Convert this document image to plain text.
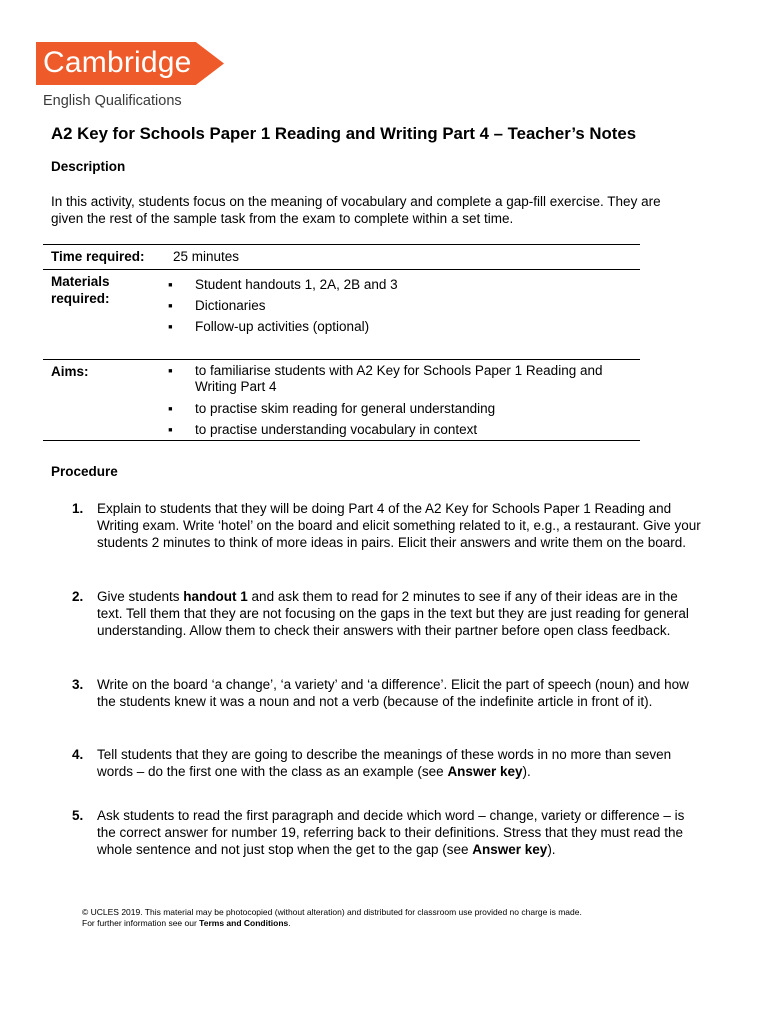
Cambridge
English Qualifications
A2 Key for Schools Paper 1 Reading and Writing Part 4 – Teacher’s Notes
Description
In this activity, students focus on the meaning of vocabulary and complete a gap-fill exercise. They are given the rest of the sample task from the exam to complete within a set time.
Time required:	25 minutes
Materials
required:
▪	Student handouts 1, 2A, 2B and 3
▪	Dictionaries
▪	Follow-up activities (optional)
Aims:	▪	to familiarise students with A2 Key for Schools Paper 1 Reading and Writing Part 4
▪	to practise skim reading for general understanding
▪	to practise understanding vocabulary in context
Procedure
1.	Explain to students that they will be doing Part 4 of the A2 Key for Schools Paper 1 Reading and Writing exam. Write ‘hotel’ on the board and elicit something related to it, e.g., a restaurant. Give your students 2 minutes to think of more ideas in pairs. Elicit their answers and write them on the board.
2.	Give students handout 1 and ask them to read for 2 minutes to see if any of their ideas are in the text. Tell them that they are not focusing on the gaps in the text but they are just reading for general understanding. Allow them to check their answers with their partner before open class feedback.
3.	Write on the board ‘a change’, ‘a variety’ and ‘a difference’. Elicit the part of speech (noun) and how the students knew it was a noun and not a verb (because of the indefinite article in front of it).
4.	Tell students that they are going to describe the meanings of these words in no more than seven words – do the first one with the class as an example (see Answer key).
5.	Ask students to read the first paragraph and decide which word – change, variety or difference – is the correct answer for number 19, referring back to their definitions. Stress that they must read the whole sentence and not just stop when the get to the gap (see Answer key).
© UCLES 2019. This material may be photocopied (without alteration) and distributed for classroom use provided no charge is made.
For further information see our Terms and Conditions.
